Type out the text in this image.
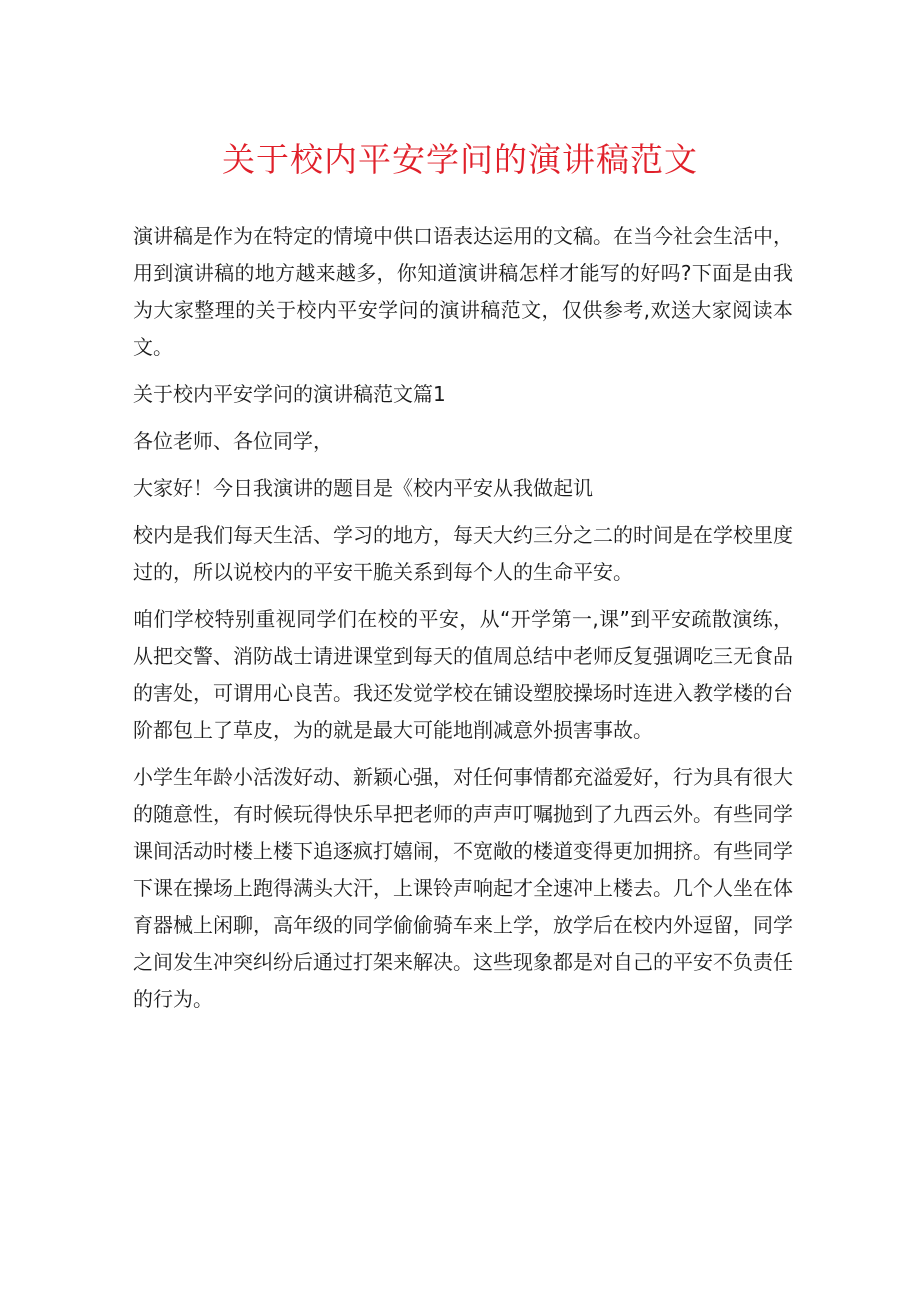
关于校内平安学问的演讲稿范文

演讲稿是作为在特定的情境中供口语表达运用的文稿。在当今社会生活中，用到演讲稿的地方越来越多，你知道演讲稿怎样才能写的好吗?下面是由我为大家整理的关于校内平安学问的演讲稿范文，仅供参考,欢送大家阅读本文。

关于校内平安学问的演讲稿范文篇1

各位老师、各位同学，

大家好！今日我演讲的题目是《校内平安从我做起讥

校内是我们每天生活、学习的地方，每天大约三分之二的时间是在学校里度过的，所以说校内的平安干脆关系到每个人的生命平安。

咱们学校特别重视同学们在校的平安，从“开学第一,课”到平安疏散演练，从把交警、消防战士请进课堂到每天的值周总结中老师反复强调吃三无食品的害处，可谓用心良苦。我还发觉学校在铺设塑胶操场时连进入教学楼的台阶都包上了草皮，为的就是最大可能地削减意外损害事故。

小学生年龄小活泼好动、新颖心强，对任何事情都充溢爱好，行为具有很大的随意性，有时候玩得快乐早把老师的声声叮嘱抛到了九西云外。有些同学课间活动时楼上楼下追逐疯打嬉闹，不宽敞的楼道变得更加拥挤。有些同学下课在操场上跑得满头大汗，上课铃声响起才全速冲上楼去。几个人坐在体育器械上闲聊，高年级的同学偷偷骑车来上学，放学后在校内外逗留，同学之间发生冲突纠纷后通过打架来解决。这些现象都是对自己的平安不负责任的行为。
